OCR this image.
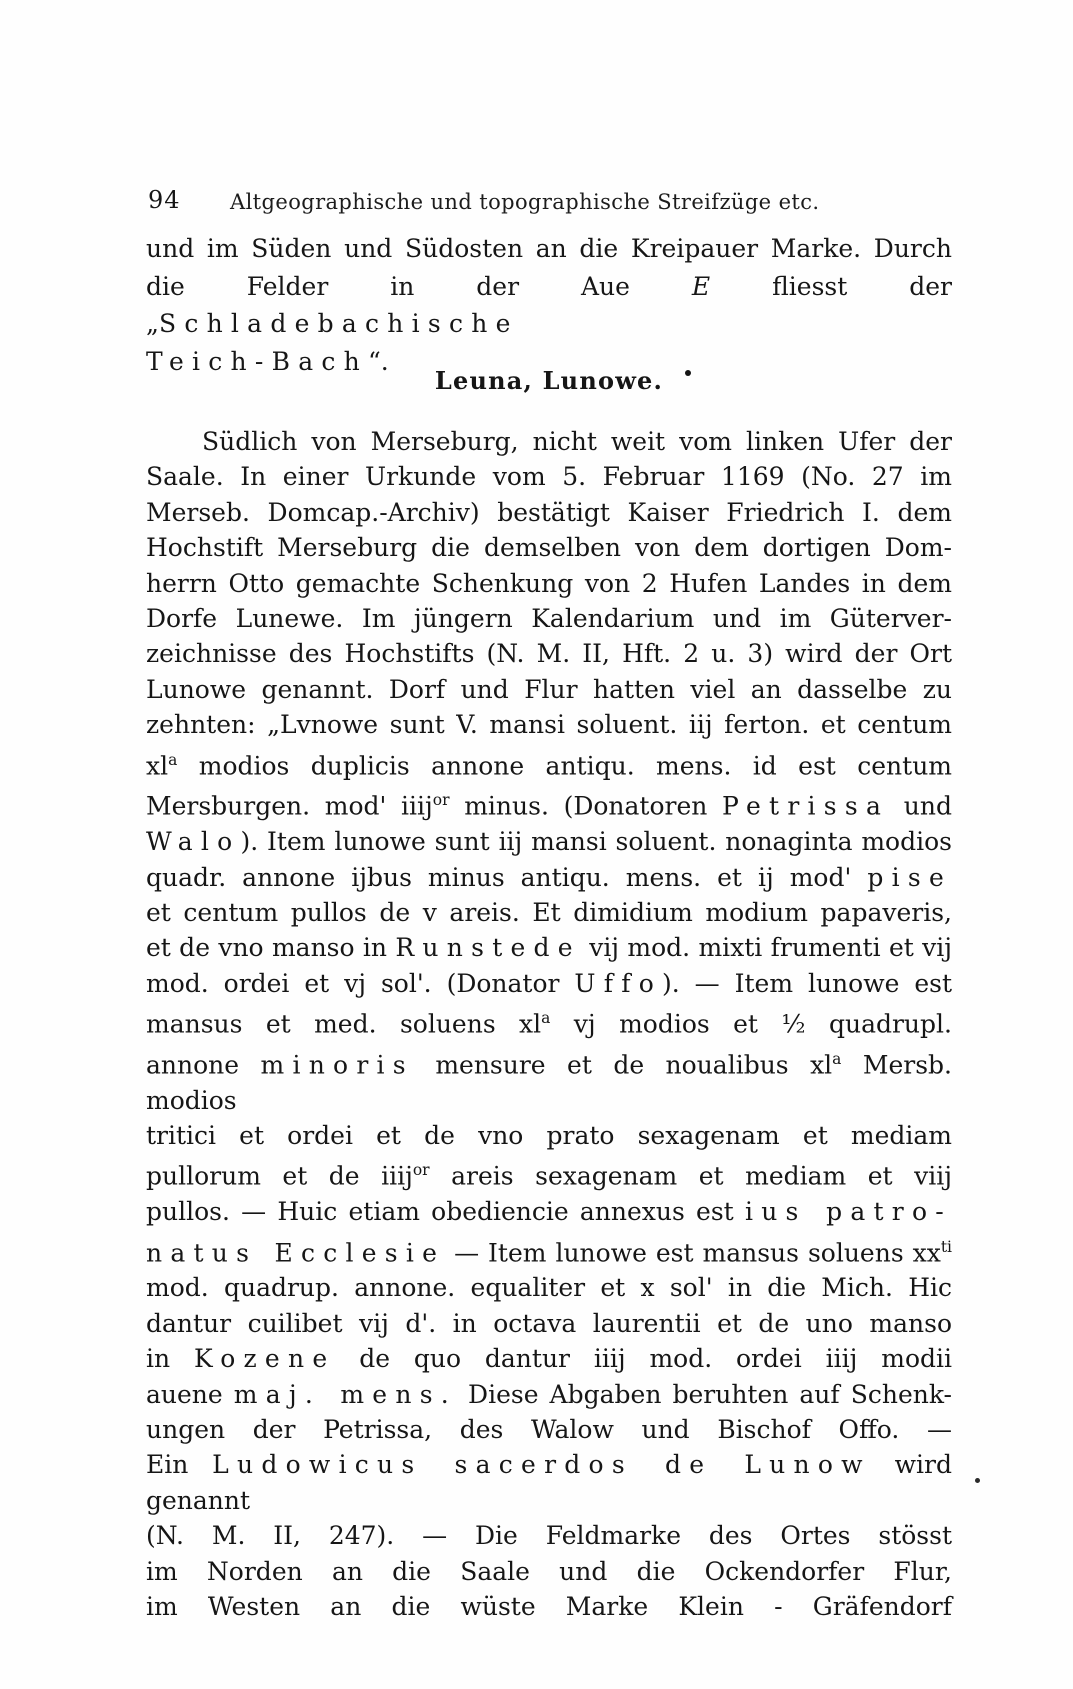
94 Altgeographische und topographische Streifzüge etc.
und im Süden und Südosten an die Kreipauer Marke. Durch
die Felder in der Aue E fliesst der „Schladebachische
Teich-Bach“.
Leuna, Lunowe.
Südlich von Merseburg, nicht weit vom linken Ufer der
Saale. In einer Urkunde vom 5. Februar 1169 (No. 27 im
Merseb. Domcap.-Archiv) bestätigt Kaiser Friedrich I. dem
Hochstift Merseburg die demselben von dem dortigen Dom-
herrn Otto gemachte Schenkung von 2 Hufen Landes in dem
Dorfe Lunewe. Im jüngern Kalendarium und im Güterver-
zeichnisse des Hochstifts (N. M. II, Hft. 2 u. 3) wird der Ort
Lunowe genannt. Dorf und Flur hatten viel an dasselbe zu
zehnten: „Lvnowe sunt V. mansi soluent. iij ferton. et centum
$xl^a$ modios duplicis annone antiqu. mens. id est centum
Mersburgen. mod' iiij$^{or}$ minus. (Donatoren Petrissa und
Walo). Item lunowe sunt iij mansi soluent. nonaginta modios
quadr. annone ijbus minus antiqu. mens. et ij mod' pise
et centum pullos de v areis. Et dimidium modium papaveris,
et de vno manso in Runstede vij mod. mixti frumenti et vij
mod. ordei et vj sol'. (Donator Uffo). — Item lunowe est
mansus et med. soluens $xl^a$ vj modios et ½ quadrupl.
annone minoris mensure et de noualibus $xl^a$ Mersb. modios
tritici et ordei et de vno prato sexagenam et mediam
pullorum et de iiij$^{or}$ areis sexagenam et mediam et viij
pullos. — Huic etiam obediencie annexus est ius patro-
natus Ecclesie — Item lunowe est mansus soluens $xx^{ti}$
mod. quadrup. annone. equaliter et x sol' in die Mich. Hic
dantur cuilibet vij d'. in octava laurentii et de uno manso
in Kozene de quo dantur iiij mod. ordei iiij modii
auene maj. mens. Diese Abgaben beruhten auf Schenk-
ungen der Petrissa, des Walow und Bischof Offo. —
Ein Ludowicus sacerdos de Lunow wird genannt
(N. M. II, 247). — Die Feldmarke des Ortes stösst
im Norden an die Saale und die Ockendorfer Flur,
im Westen an die wüste Marke Klein - Gräfendorf
